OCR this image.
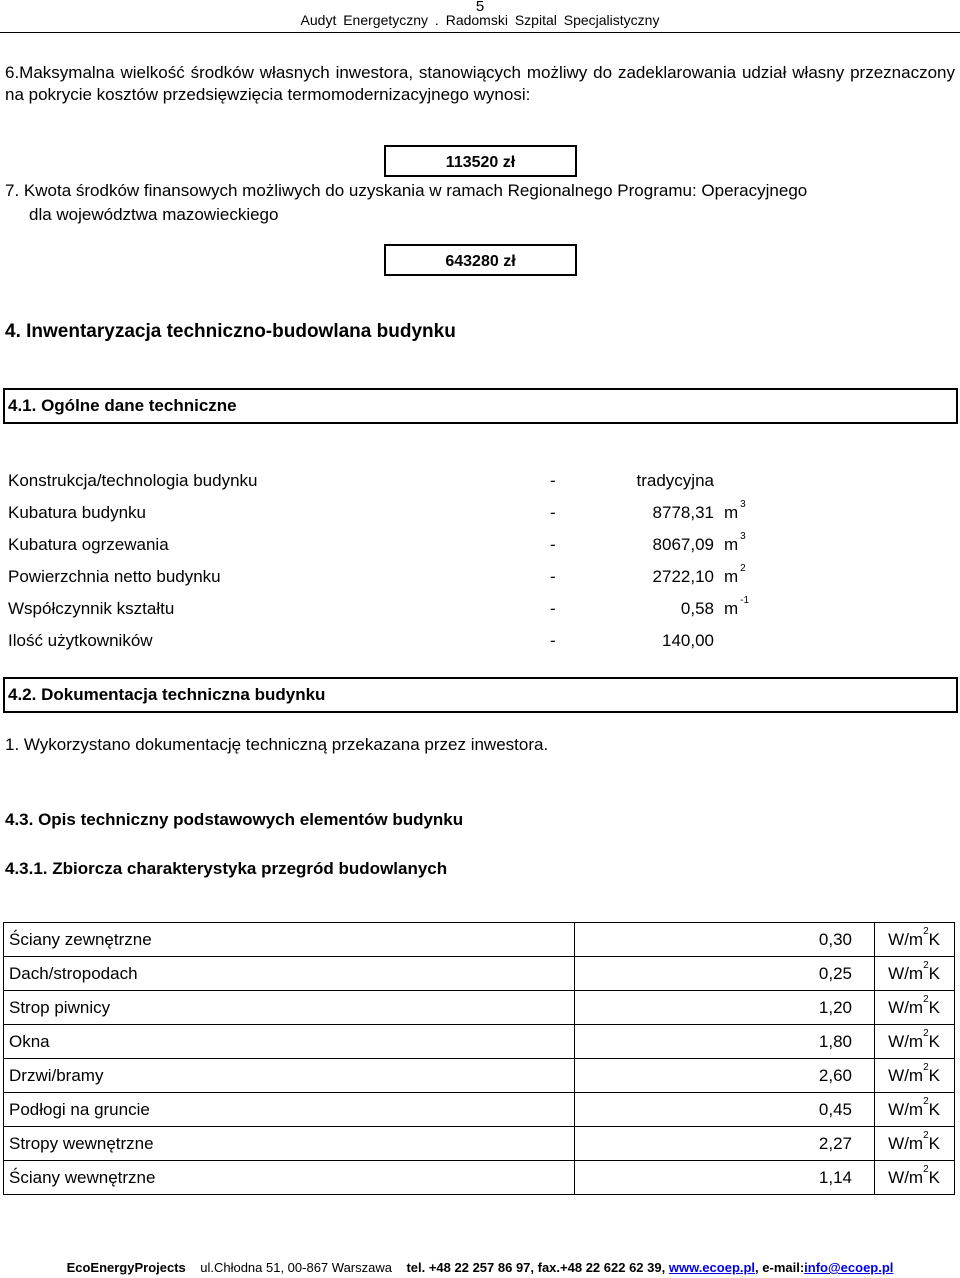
5
Audyt Energetyczny . Radomski Szpital Specjalistyczny
6.Maksymalna wielkość środków własnych inwestora, stanowiących możliwy do zadeklarowania udział własny przeznaczony na pokrycie kosztów przedsięwzięcia termomodernizacyjnego wynosi:
113520 zł
7. Kwota środków finansowych możliwych do uzyskania w ramach Regionalnego Programu: Operacyjnego
dla województwa mazowieckiego
643280 zł
4. Inwentaryzacja techniczno-budowlana budynku
4.1. Ogólne dane techniczne
Konstrukcja/technologia budynku	-	tradycyjna
Kubatura budynku	-	8778,31 m $^3$
Kubatura ogrzewania	-	8067,09 m $^3$
Powierzchnia netto budynku	-	2722,10 m $^2$
Współczynnik kształtu	-	0,58 m $^{-1}$
Ilość użytkowników	-	140,00
4.2. Dokumentacja techniczna budynku
1. Wykorzystano dokumentację techniczną przekazana przez inwestora.
4.3. Opis techniczny podstawowych elementów budynku
4.3.1. Zbiorcza charakterystyka przegród budowlanych
Ściany zewnętrzne	0,30	$W/m^2K$
Dach/stropodach	0,25	$W/m^2K$
Strop piwnicy	1,20	$W/m^2K$
Okna	1,80	$W/m^2K$
Drzwi/bramy	2,60	$W/m^2K$
Podłogi na gruncie	0,45	$W/m^2K$
Stropy wewnętrzne	2,27	$W/m^2K$
Ściany wewnętrzne	1,14	$W/m^2K$
EcoEnergyProjects ul.Chłodna 51, 00-867 Warszawa tel. +48 22 257 86 97, fax.+48 22 622 62 39, www.ecoep.pl, e-mail:info@ecoep.pl
